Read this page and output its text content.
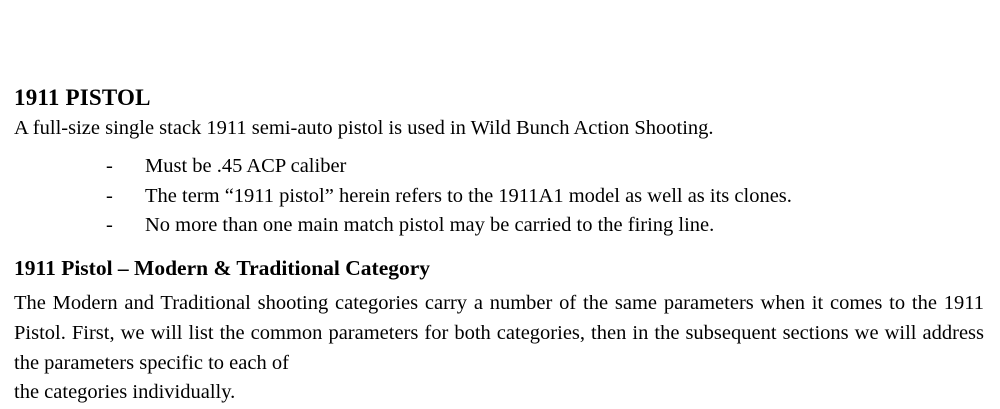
1911 PISTOL

A full-size single stack 1911 semi-auto pistol is used in Wild Bunch Action Shooting.

- Must be .45 ACP caliber
- The term “1911 pistol” herein refers to the 1911A1 model as well as its clones.
- No more than one main match pistol may be carried to the firing line.
1911 Pistol – Modern & Traditional Category

The Modern and Traditional shooting categories carry a number of the same parameters when it comes to the 1911 Pistol. First, we will list the common parameters for both categories, then in the subsequent sections we will address the parameters specific to each of

the categories individually.
